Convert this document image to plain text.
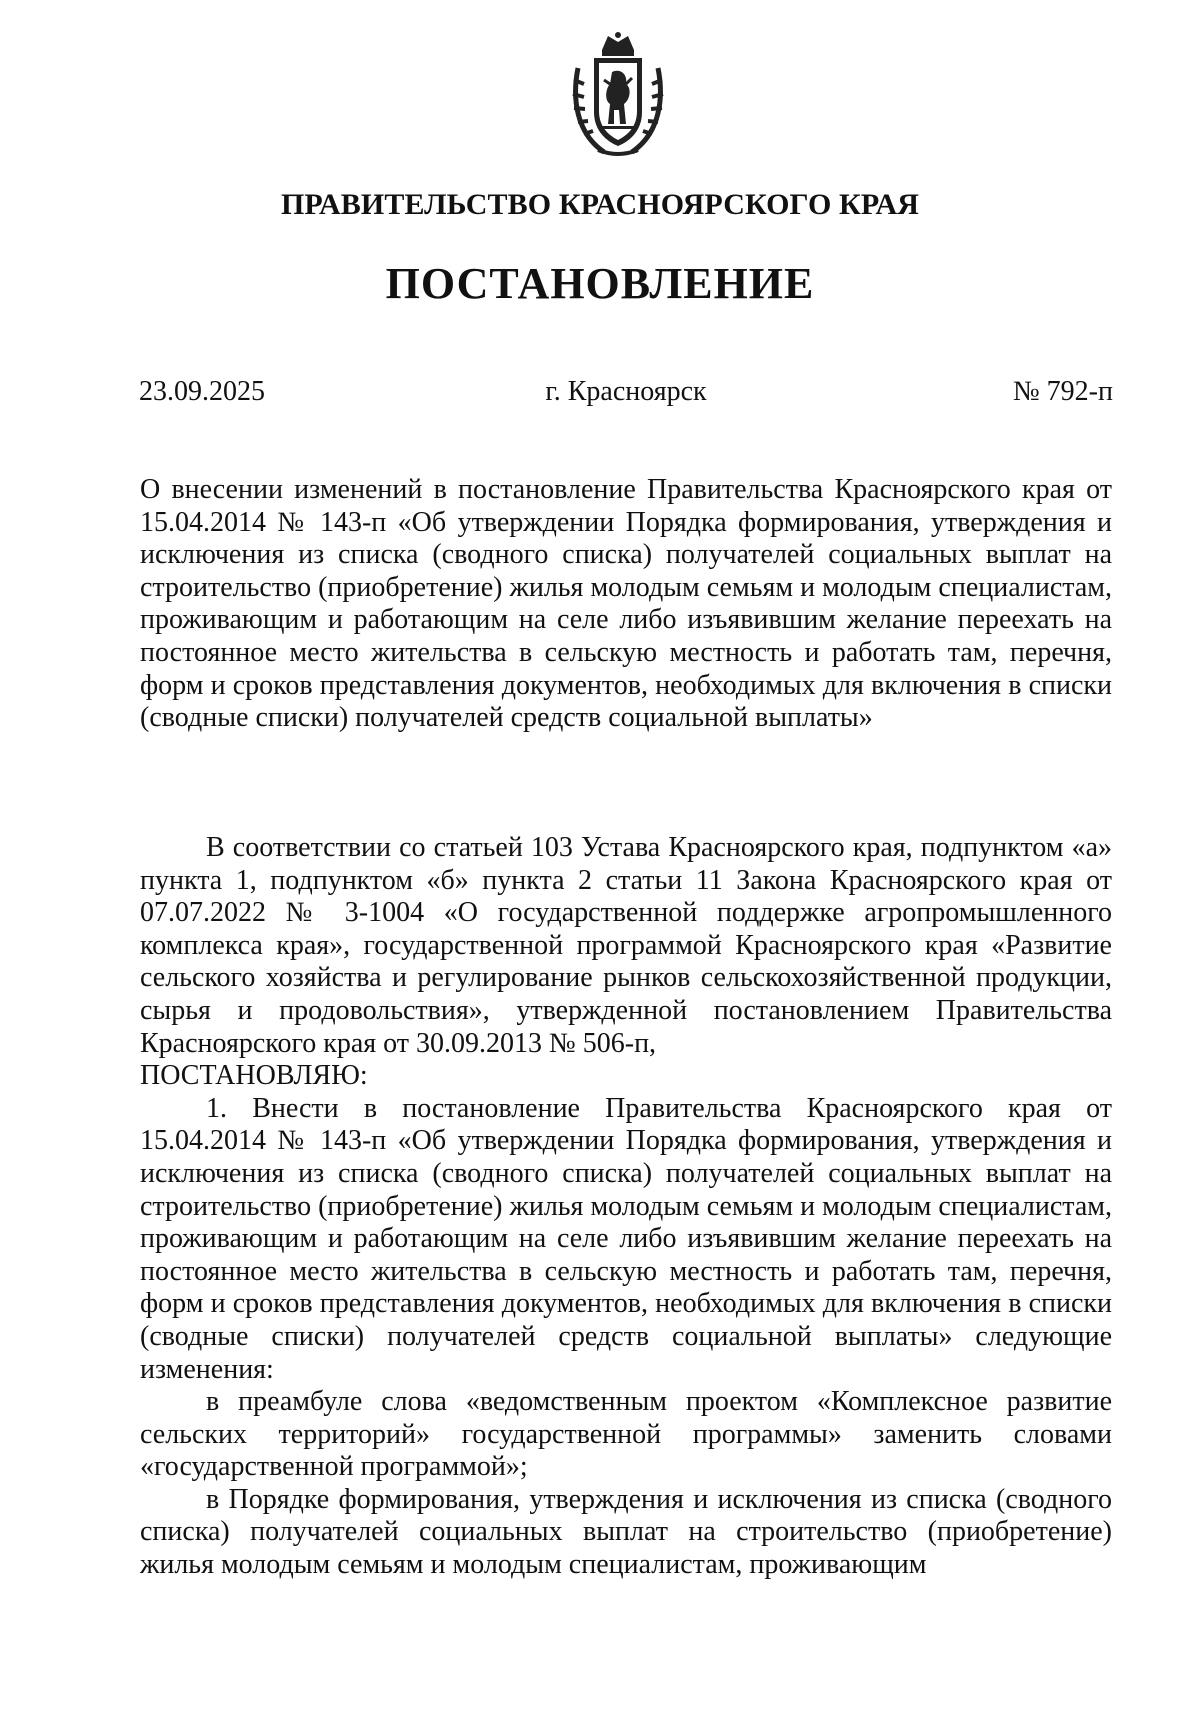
ПРАВИТЕЛЬСТВО КРАСНОЯРСКОГО КРАЯ
ПОСТАНОВЛЕНИЕ
23.09.2025	г. Красноярск	№ 792-п

О внесении изменений в постановление Правительства Красноярского края от 15.04.2014 № 143-п «Об утверждении Порядка формирования, утверждения и исключения из списка (сводного списка) получателей социальных выплат на строительство (приобретение) жилья молодым семьям и молодым специалистам, проживающим и работающим на селе либо изъявившим желание переехать на постоянное место жительства в сельскую местность и работать там, перечня, форм и сроков представления документов, необходимых для включения в списки (сводные списки) получателей средств социальной выплаты»

В соответствии со статьей 103 Устава Красноярского края, подпунктом «а» пункта 1, подпунктом «б» пункта 2 статьи 11 Закона Красноярского края от 07.07.2022 № 3-1004 «О государственной поддержке агропромышленного комплекса края», государственной программой Красноярского края «Развитие сельского хозяйства и регулирование рынков сельскохозяйственной продукции, сырья и продовольствия», утвержденной постановлением Правительства Красноярского края от 30.09.2013 № 506-п,

ПОСТАНОВЛЯЮ:

1. Внести в постановление Правительства Красноярского края от 15.04.2014 № 143-п «Об утверждении Порядка формирования, утверждения и исключения из списка (сводного списка) получателей социальных выплат на строительство (приобретение) жилья молодым семьям и молодым специалистам, проживающим и работающим на селе либо изъявившим желание переехать на постоянное место жительства в сельскую местность и работать там, перечня, форм и сроков представления документов, необходимых для включения в списки (сводные списки) получателей средств социальной выплаты» следующие изменения:

в преамбуле слова «ведомственным проектом «Комплексное развитие сельских территорий» государственной программы» заменить словами «государственной программой»;

в Порядке формирования, утверждения и исключения из списка (сводного списка) получателей социальных выплат на строительство (приобретение) жилья молодым семьям и молодым специалистам, проживающим
